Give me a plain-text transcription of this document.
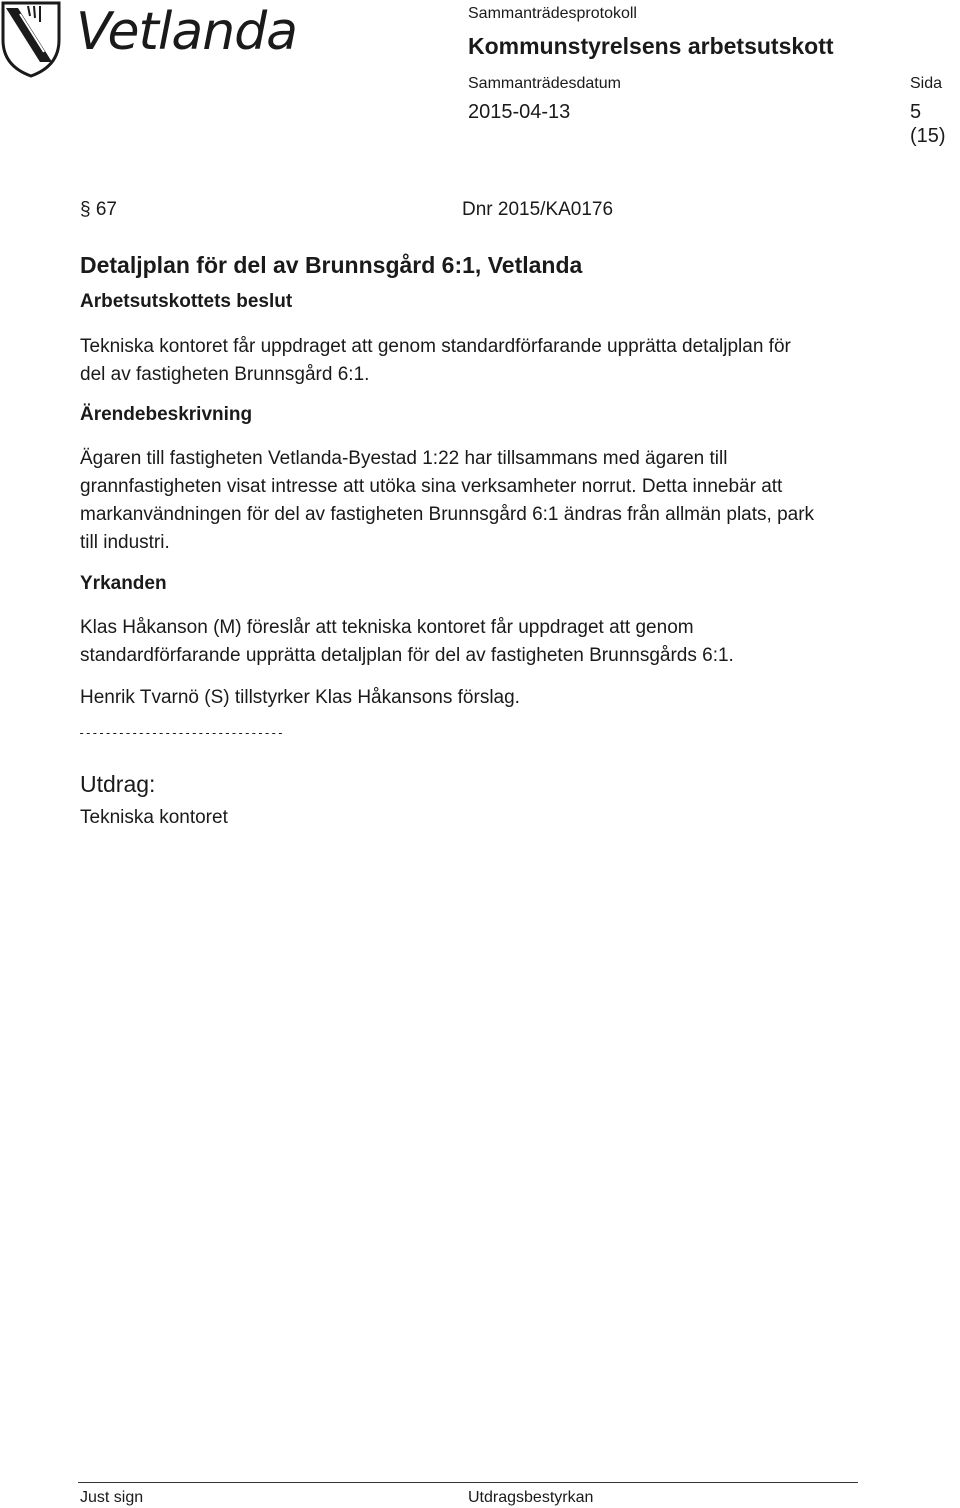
Vetlanda	Sammanträdesprotokoll
Kommunstyrelsens arbetsutskott
Sammanträdesdatum	Sida
2015-04-13	5 (15)
§ 67	Dnr 2015/KA0176
Detaljplan för del av Brunnsgård 6:1, Vetlanda
Arbetsutskottets beslut
Tekniska kontoret får uppdraget att genom standardförfarande upprätta detaljplan för
del av fastigheten Brunnsgård 6:1.
Ärendebeskrivning
Ägaren till fastigheten Vetlanda-Byestad 1:22 har tillsammans med ägaren till
grannfastigheten visat intresse att utöka sina verksamheter norrut. Detta innebär att
markanvändningen för del av fastigheten Brunnsgård 6:1 ändras från allmän plats, park
till industri.
Yrkanden
Klas Håkanson (M) föreslår att tekniska kontoret får uppdraget att genom
standardförfarande upprätta detaljplan för del av fastigheten Brunnsgårds 6:1.
Henrik Tvarnö (S) tillstyrker Klas Håkansons förslag.
-------------------------------
Utdrag:
Tekniska kontoret
Just sign	Utdragsbestyrkan
